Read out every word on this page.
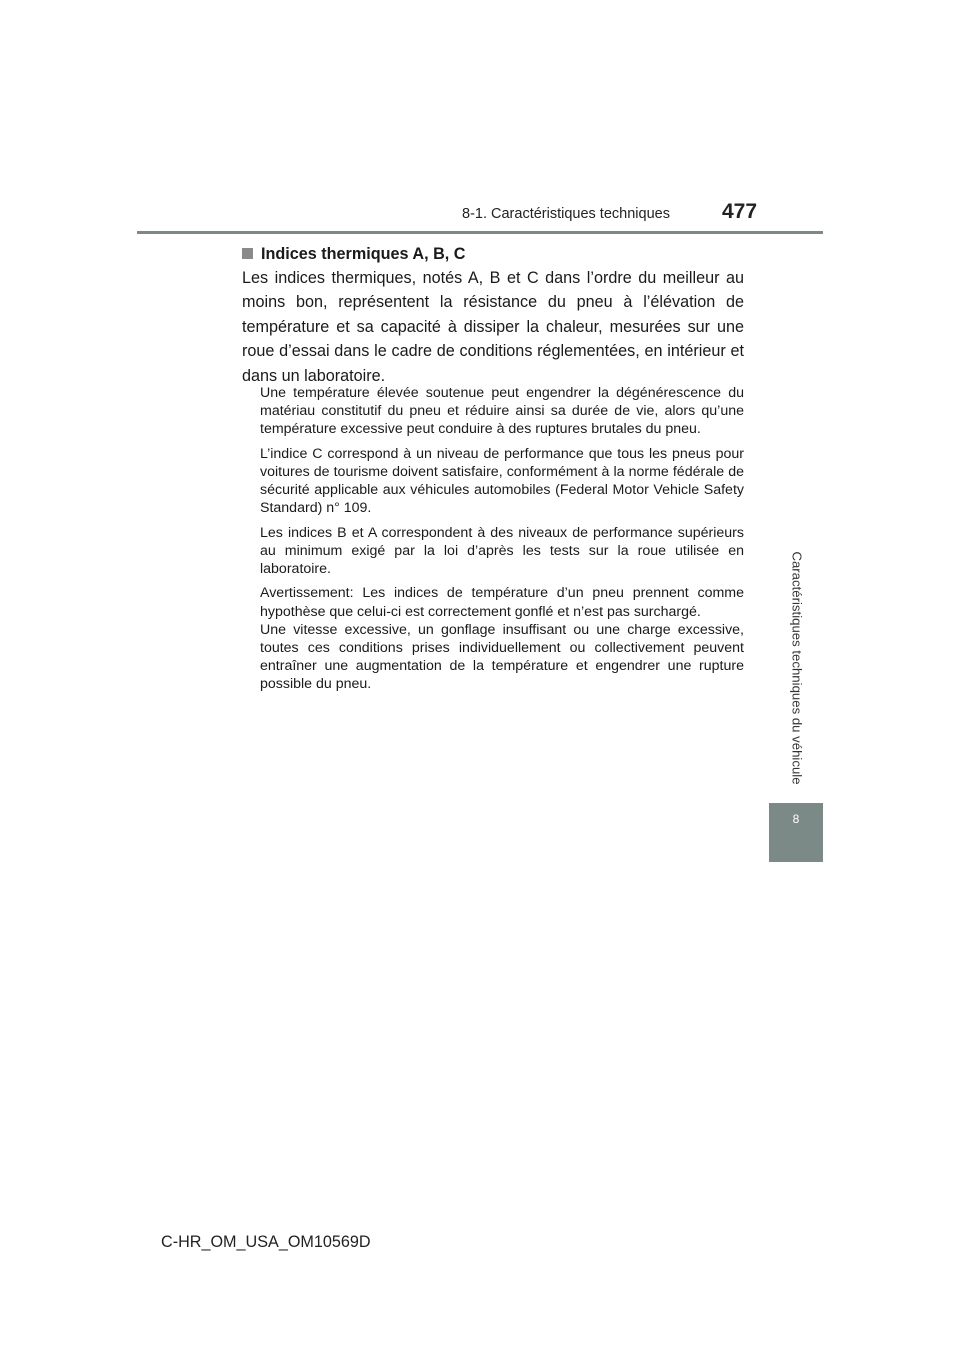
8-1. Caractéristiques techniques 477
Caractéristiques techniques du véhicule
8
Indices thermiques A, B, C

Les indices thermiques, notés A, B et C dans l’ordre du meilleur au moins bon, représentent la résistance du pneu à l’élévation de température et sa capacité à dissiper la chaleur, mesurées sur une roue d’essai dans le cadre de conditions réglementées, en intérieur et dans un laboratoire.

Une température élevée soutenue peut engendrer la dégénérescence du matériau constitutif du pneu et réduire ainsi sa durée de vie, alors qu’une température excessive peut conduire à des ruptures brutales du pneu.

L’indice C correspond à un niveau de performance que tous les pneus pour voitures de tourisme doivent satisfaire, conformément à la norme fédérale de sécurité applicable aux véhicules automobiles (Federal Motor Vehicle Safety Standard) n° 109.

Les indices B et A correspondent à des niveaux de performance supérieurs au minimum exigé par la loi d’après les tests sur la roue utilisée en laboratoire.

Avertissement: Les indices de température d’un pneu prennent comme hypothèse que celui-ci est correctement gonflé et n’est pas surchargé.

Une vitesse excessive, un gonflage insuffisant ou une charge excessive, toutes ces conditions prises individuellement ou collectivement peuvent entraîner une augmentation de la température et engendrer une rupture possible du pneu.

C-HR_OM_USA_OM10569D
